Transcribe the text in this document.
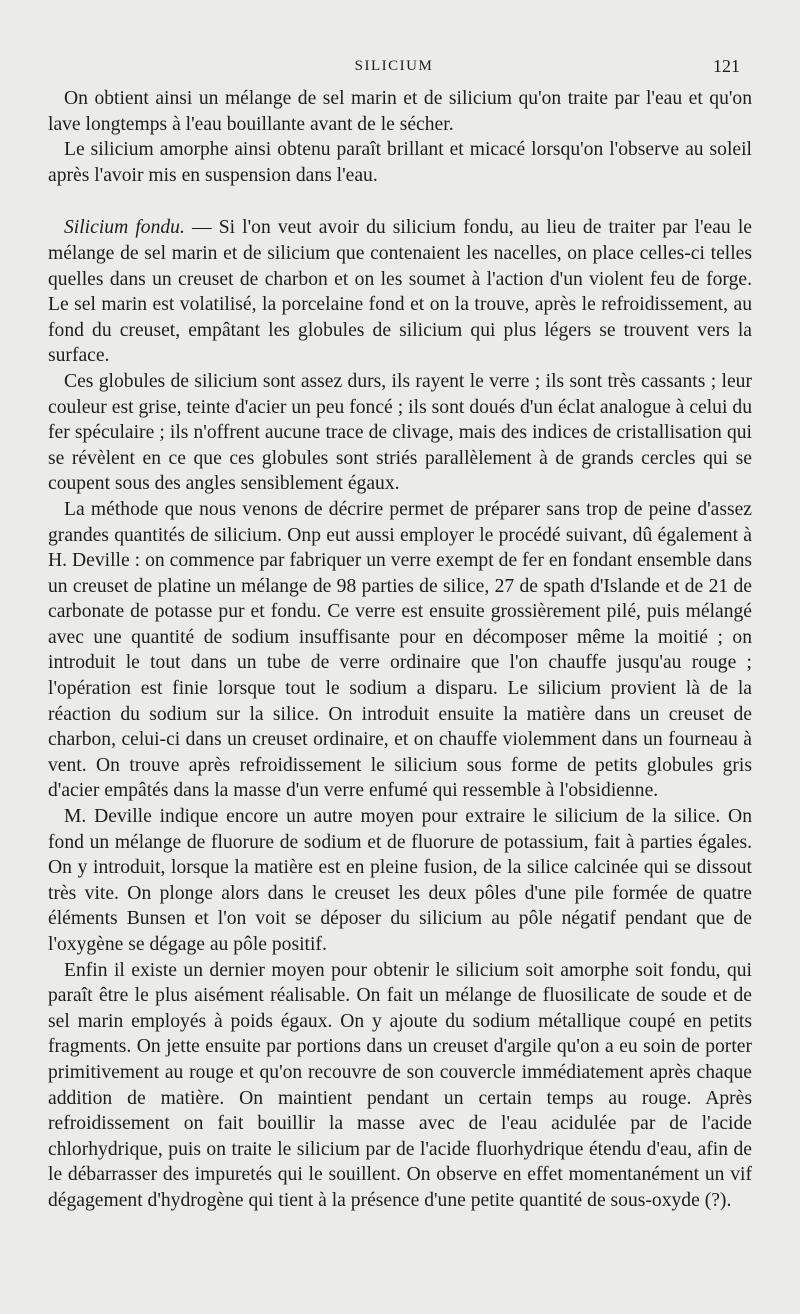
SILICIUM	121

On obtient ainsi un mélange de sel marin et de silicium qu'on traite par l'eau et qu'on lave longtemps à l'eau bouillante avant de le sécher.

Le silicium amorphe ainsi obtenu paraît brillant et micacé lorsqu'on l'observe au soleil après l'avoir mis en suspension dans l'eau.

Silicium fondu. — Si l'on veut avoir du silicium fondu, au lieu de traiter par l'eau le mélange de sel marin et de silicium que contenaient les nacelles, on place celles-ci telles quelles dans un creuset de charbon et on les soumet à l'action d'un violent feu de forge. Le sel marin est volatilisé, la porcelaine fond et on la trouve, après le refroidissement, au fond du creuset, empâtant les globules de silicium qui plus légers se trouvent vers la surface.

Ces globules de silicium sont assez durs, ils rayent le verre ; ils sont très cassants ; leur couleur est grise, teinte d'acier un peu foncé ; ils sont doués d'un éclat analogue à celui du fer spéculaire ; ils n'offrent aucune trace de clivage, mais des indices de cristallisation qui se révèlent en ce que ces globules sont striés parallèlement à de grands cercles qui se coupent sous des angles sensiblement égaux.

La méthode que nous venons de décrire permet de préparer sans trop de peine d'assez grandes quantités de silicium. Onp eut aussi employer le procédé suivant, dû également à H. Deville : on commence par fabriquer un verre exempt de fer en fondant ensemble dans un creuset de platine un mélange de 98 parties de silice, 27 de spath d'Islande et de 21 de carbonate de potasse pur et fondu. Ce verre est ensuite grossièrement pilé, puis mélangé avec une quantité de sodium insuffisante pour en décomposer même la moitié ; on introduit le tout dans un tube de verre ordinaire que l'on chauffe jusqu'au rouge ; l'opération est finie lorsque tout le sodium a disparu. Le silicium provient là de la réaction du sodium sur la silice. On introduit ensuite la matière dans un creuset de charbon, celui-ci dans un creuset ordinaire, et on chauffe violemment dans un fourneau à vent. On trouve après refroidissement le silicium sous forme de petits globules gris d'acier empâtés dans la masse d'un verre enfumé qui ressemble à l'obsidienne.

M. Deville indique encore un autre moyen pour extraire le silicium de la silice. On fond un mélange de fluorure de sodium et de fluorure de potassium, fait à parties égales. On y introduit, lorsque la matière est en pleine fusion, de la silice calcinée qui se dissout très vite. On plonge alors dans le creuset les deux pôles d'une pile formée de quatre éléments Bunsen et l'on voit se déposer du silicium au pôle négatif pendant que de l'oxygène se dégage au pôle positif.

Enfin il existe un dernier moyen pour obtenir le silicium soit amorphe soit fondu, qui paraît être le plus aisément réalisable. On fait un mélange de fluosilicate de soude et de sel marin employés à poids égaux. On y ajoute du sodium métallique coupé en petits fragments. On jette ensuite par portions dans un creuset d'argile qu'on a eu soin de porter primitivement au rouge et qu'on recouvre de son couvercle immédiatement après chaque addition de matière. On maintient pendant un certain temps au rouge. Après refroidissement on fait bouillir la masse avec de l'eau acidulée par de l'acide chlorhydrique, puis on traite le silicium par de l'acide fluorhydrique étendu d'eau, afin de le débarrasser des impuretés qui le souillent. On observe en effet momentanément un vif dégagement d'hydrogène qui tient à la présence d'une petite quantité de sous-oxyde (?).
